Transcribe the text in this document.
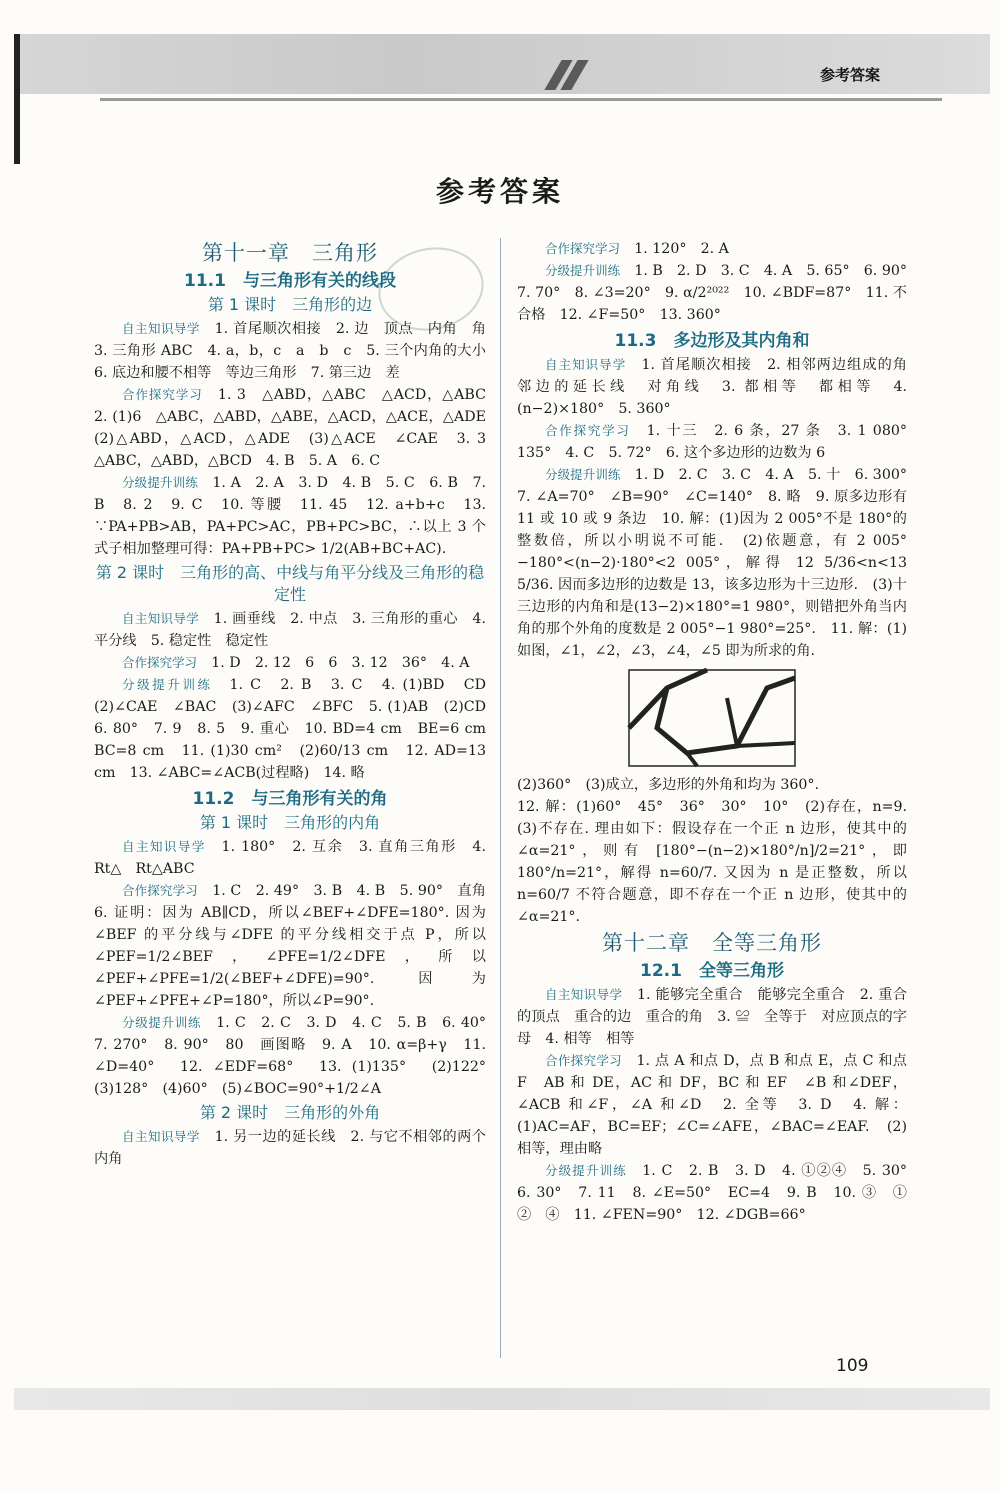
参考答案
参考答案
第十一章　三角形
11.1　与三角形有关的线段
第 1 课时　三角形的边

自主知识导学　 1. 首尾顺次相接　2. 边　顶点　内角　角　3. 三角形 ABC　4. a，b，c　a　b　c　5. 三个内角的大小　6. 底边和腰不相等　等边三角形　7. 第三边　差

合作探究学习　 1. 3　△ABD，△ABC　△ACD，△ABC　2. (1)6　△ABC，△ABD，△ABE，△ACD，△ACE，△ADE　(2)△ABD，△ACD，△ADE　(3)△ACE　∠CAE　3. 3　△ABC，△ABD，△BCD　4. B　5. A　6. C

分级提升训练　 1. A　2. A　3. D　4. B　5. C　6. B　7. B　8. 2　9. C　10. 等腰　11. 45　12. a+b+c　13. ∵PA+PB>AB，PA+PC>AC，PB+PC>BC，∴以上 3 个式子相加整理可得：PA+PB+PC> 1/2(AB+BC+AC).

第 2 课时　三角形的高、中线与角平分线及三角形的稳定性

自主知识导学　 1. 画垂线　2. 中点　3. 三角形的重心　4. 平分线　5. 稳定性　稳定性

合作探究学习　 1. D　2. 12　6　6　3. 12　36°　4. A

分级提升训练　 1. C　2. B　3. C　4. (1)BD　CD　(2)∠CAE　∠BAC　(3)∠AFC　∠BFC　5. (1)AB　(2)CD　6. 80°　7. 9　8. 5　9. 重心　10. BD=4 cm　BE=6 cm　BC=8 cm　11. (1)30 cm²　(2)60/13 cm　12. AD=13 cm　13. ∠ABC=∠ACB(过程略)　14. 略

11.2　与三角形有关的角
第 1 课时　三角形的内角

自主知识导学　 1. 180°　2. 互余　3. 直角三角形　4. Rt△　Rt△ABC

合作探究学习　 1. C　2. 49°　3. B　4. B　5. 90°　直角　6. 证明：因为 AB∥CD，所以∠BEF+∠DFE=180°. 因为∠BEF 的平分线与∠DFE 的平分线相交于点 P，所以∠PEF=1/2∠BEF，∠PFE=1/2∠DFE，所以∠PEF+∠PFE=1/2(∠BEF+∠DFE)=90°. 因为∠PEF+∠PFE+∠P=180°，所以∠P=90°.

分级提升训练　 1. C　2. C　3. D　4. C　5. B　6. 40°　7. 270°　8. 90°　80　画图略　9. A　10. α=β+γ　11. ∠D=40°　12. ∠EDF=68°　13. (1)135°　(2)122°　(3)128°　(4)60°　(5)∠BOC=90°+1/2∠A

第 2 课时　三角形的外角

自主知识导学　 1. 另一边的延长线　2. 与它不相邻的两个内角

合作探究学习　 1. 120°　2. A

分级提升训练　 1. B　2. D　3. C　4. A　5. 65°　6. 90°　7. 70°　8. ∠3=20°　9. α/2²⁰²²　10. ∠BDF=87°　11. 不合格　12. ∠F=50°　13. 360°

11.3　多边形及其内角和

自主知识导学　 1. 首尾顺次相接　2. 相邻两边组成的角　邻边的延长线　对角线　3. 都相等　都相等　4. (n−2)×180°　5. 360°

合作探究学习　 1. 十三　2. 6 条，27 条　3. 1 080°　135°　4. C　5. 72°　6. 这个多边形的边数为 6

分级提升训练　 1. D　2. C　3. C　4. A　5. 十　6. 300°　7. ∠A=70°　∠B=90°　∠C=140°　8. 略　9. 原多边形有 11 或 10 或 9 条边　10. 解：(1)因为 2 005°不是 180°的整数倍，所以小明说不可能.　(2)依题意，有 2 005°−180°<(n−2)·180°<2 005°，解得 12 5/36<n<13 5/36. 因而多边形的边数是 13，该多边形为十三边形.　(3)十三边形的内角和是(13−2)×180°=1 980°，则错把外角当内角的那个外角的度数是 2 005°−1 980°=25°.　11. 解：(1)如图，∠1，∠2，∠3，∠4，∠5 即为所求的角.

(2)360°　(3)成立，多边形的外角和均为 360°.

12. 解：(1)60°　45°　36°　30°　10°　(2)存在，n=9.　(3)不存在. 理由如下：假设存在一个正 n 边形，使其中的∠α=21°，则有 [180°−(n−2)×180°/n]/2=21°，即 180°/n=21°，解得 n=60/7. 又因为 n 是正整数，所以 n=60/7 不符合题意，即不存在一个正 n 边形，使其中的∠α=21°.

第十二章　全等三角形
12.1　全等三角形

自主知识导学　 1. 能够完全重合　能够完全重合　2. 重合的顶点　重合的边　重合的角　3. ≌　全等于　对应顶点的字母　4. 相等　相等

合作探究学习　 1. 点 A 和点 D，点 B 和点 E，点 C 和点 F　AB 和 DE，AC 和 DF，BC 和 EF　∠B 和∠DEF，∠ACB 和∠F，∠A 和∠D　2. 全等　3. D　4. 解：(1)AC=AF，BC=EF；∠C=∠AFE，∠BAC=∠EAF.　(2)相等，理由略

分级提升训练　 1. C　2. B　3. D　4. ①②④　5. 30°　6. 30°　7. 11　8. ∠E=50°　EC=4　9. B　10. ③　①　②　④　11. ∠FEN=90°　12. ∠DGB=66°

109
